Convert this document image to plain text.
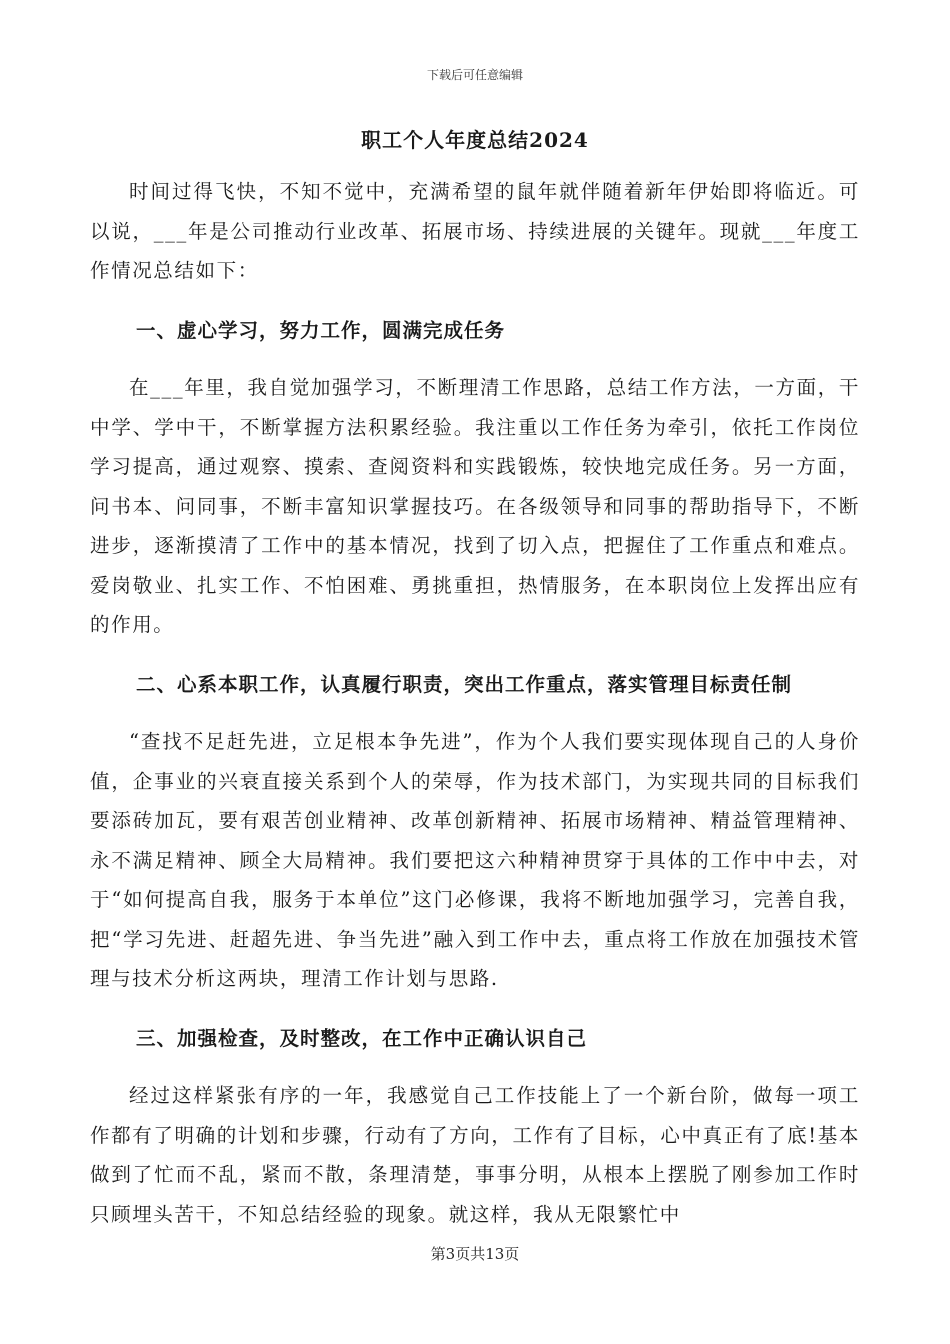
下载后可任意编辑
职工个人年度总结2024

时间过得飞快，不知不觉中，充满希望的鼠年就伴随着新年伊始即将临近。可以说，___年是公司推动行业改革、拓展市场、持续进展的关键年。现就___年度工作情况总结如下：

一、虚心学习，努力工作，圆满完成任务

在___年里，我自觉加强学习，不断理清工作思路，总结工作方法，一方面，干中学、学中干，不断掌握方法积累经验。我注重以工作任务为牵引，依托工作岗位学习提高，通过观察、摸索、查阅资料和实践锻炼，较快地完成任务。另一方面，问书本、问同事，不断丰富知识掌握技巧。在各级领导和同事的帮助指导下，不断进步，逐渐摸清了工作中的基本情况，找到了切入点，把握住了工作重点和难点。爱岗敬业、扎实工作、不怕困难、勇挑重担，热情服务，在本职岗位上发挥出应有的作用。

二、心系本职工作，认真履行职责，突出工作重点，落实管理目标责任制

“查找不足赶先进，立足根本争先进”，作为个人我们要实现体现自己的人身价值，企事业的兴衰直接关系到个人的荣辱，作为技术部门，为实现共同的目标我们要添砖加瓦，要有艰苦创业精神、改革创新精神、拓展市场精神、精益管理精神、永不满足精神、顾全大局精神。我们要把这六种精神贯穿于具体的工作中中去，对于“如何提高自我，服务于本单位”这门必修课，我将不断地加强学习，完善自我，把“学习先进、赶超先进、争当先进”融入到工作中去，重点将工作放在加强技术管理与技术分析这两块，理清工作计划与思路.

三、加强检查，及时整改，在工作中正确认识自己

经过这样紧张有序的一年，我感觉自己工作技能上了一个新台阶，做每一项工作都有了明确的计划和步骤，行动有了方向，工作有了目标，心中真正有了底!基本做到了忙而不乱，紧而不散，条理清楚，事事分明，从根本上摆脱了刚参加工作时只顾埋头苦干，不知总结经验的现象。就这样，我从无限繁忙中

第3页共13页
